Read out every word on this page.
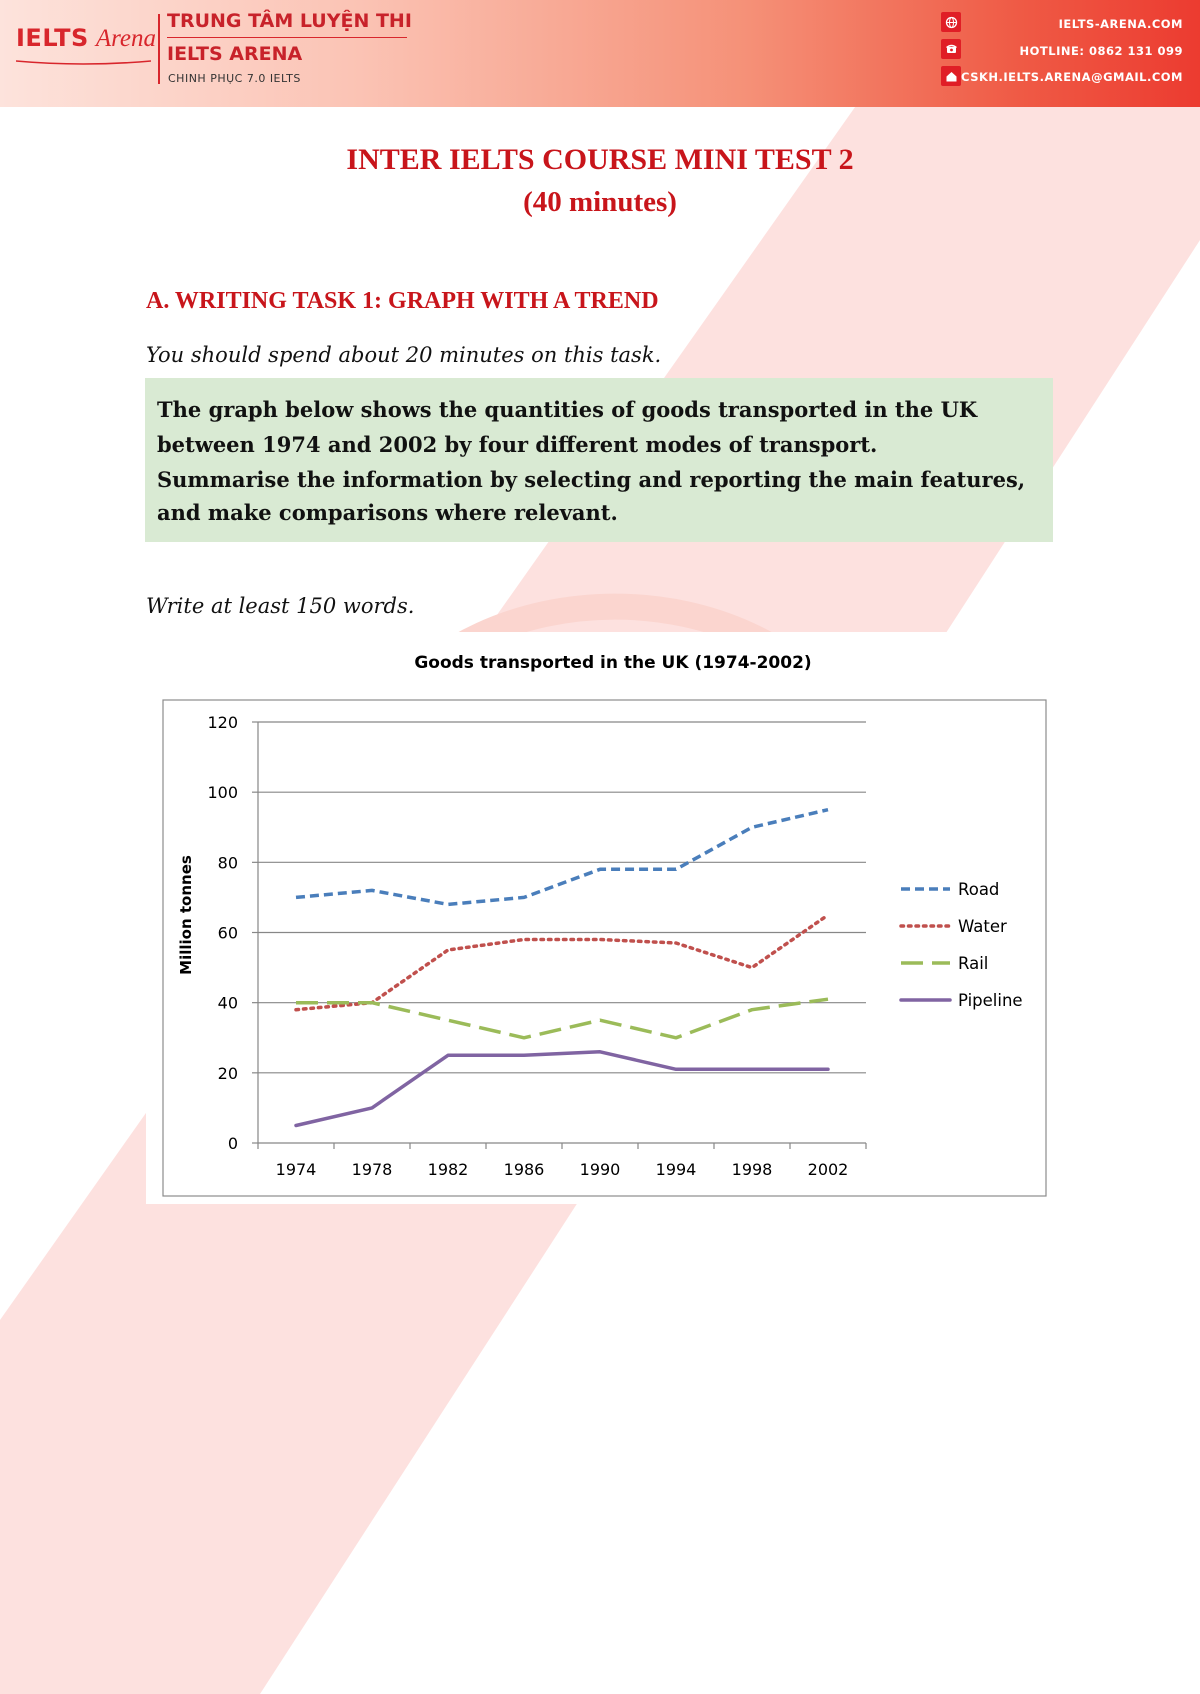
IELTS Arena
TRUNG TÂM LUYỆN THI
IELTS ARENA
CHINH PHỤC 7.0 IELTS
IELTS-ARENA.COM
HOTLINE: 0862 131 099
CSKH.IELTS.ARENA@GMAIL.COM
INTER IELTS COURSE MINI TEST 2
(40 minutes)
A. WRITING TASK 1: GRAPH WITH A TREND
You should spend about 20 minutes on this task.

The graph below shows the quantities of goods transported in the UK between 1974 and 2002 by four different modes of transport.

Summarise the information by selecting and reporting the main features, and make comparisons where relevant.

Write at least 150 words.
Goods transported in the UK (1974-2002)
0
20
40
60
80
100
120
1974 1978 1982 1986 1990 1994 1998 2002
Road
Water
Rail
Pipeline
Million tonnes
